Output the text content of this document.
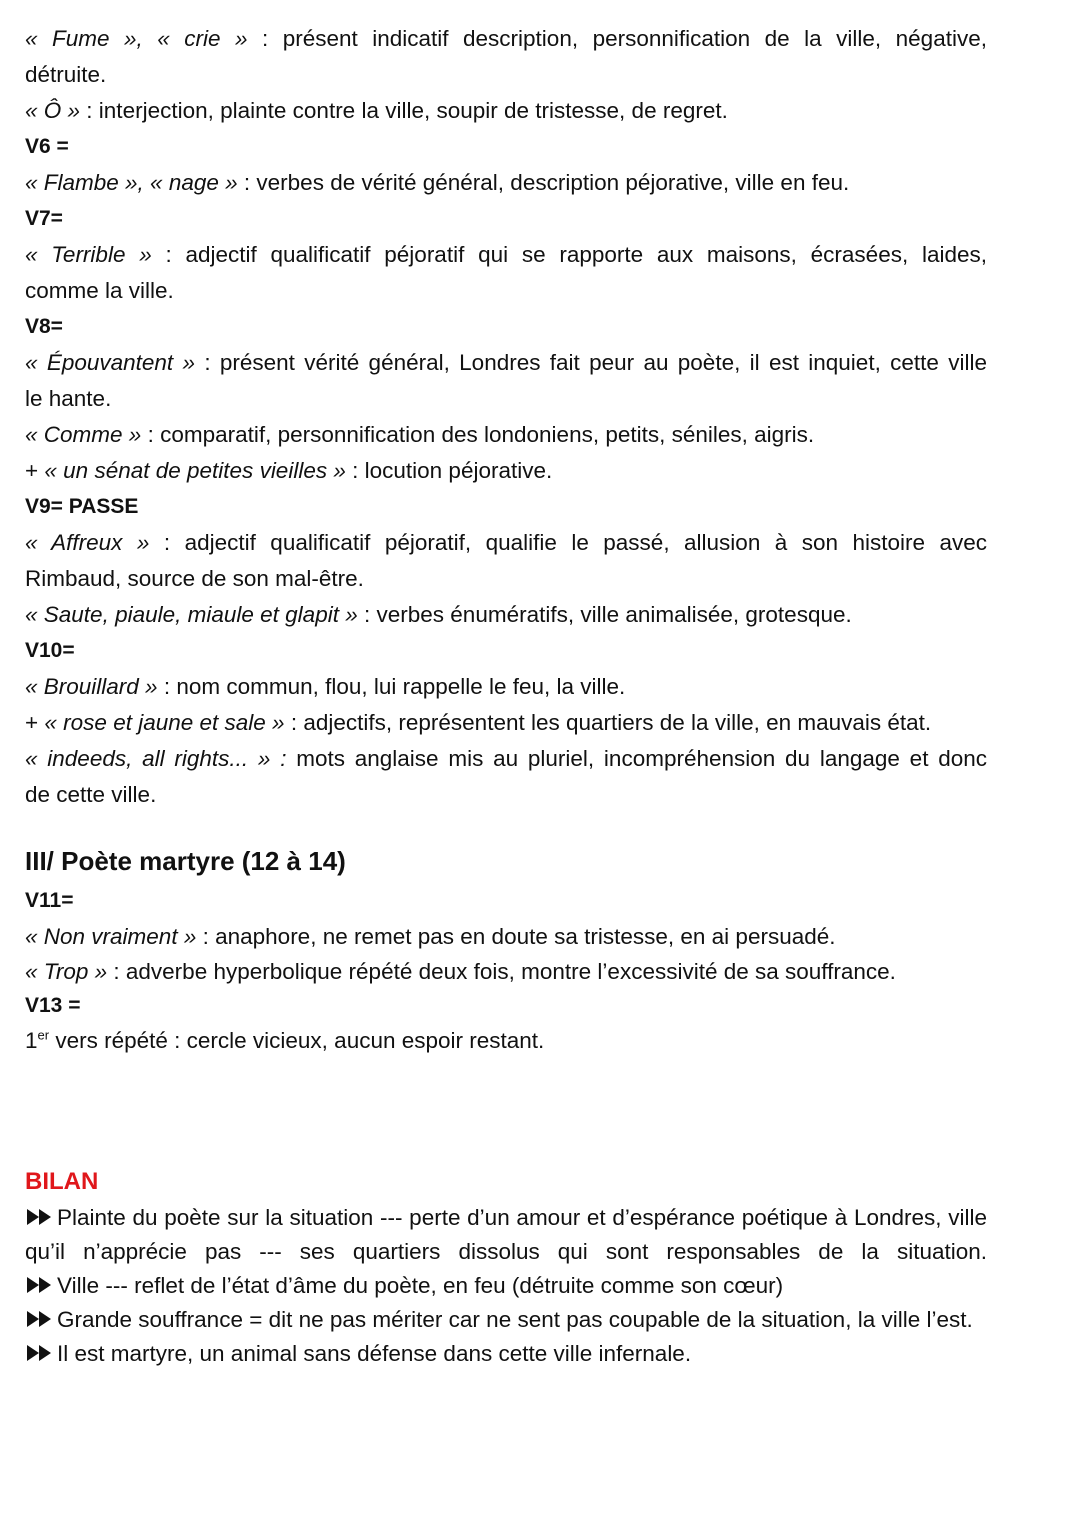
« Fume », « crie » : présent indicatif description, personnification de la ville, négative,

détruite.

« Ô » : interjection, plainte contre la ville, soupir de tristesse, de regret.

V6 =

« Flambe », « nage » : verbes de vérité général, description péjorative, ville en feu.

V7=

« Terrible » : adjectif qualificatif péjoratif qui se rapporte aux maisons, écrasées, laides,

comme la ville.

V8=

« Épouvantent » : présent vérité général, Londres fait peur au poète, il est inquiet, cette ville

le hante.

« Comme » : comparatif, personnification des londoniens, petits, séniles, aigris.

+ « un sénat de petites vieilles » : locution péjorative.

V9= PASSE

« Affreux » : adjectif qualificatif péjoratif, qualifie le passé, allusion à son histoire avec

Rimbaud, source de son mal-être.

« Saute, piaule, miaule et glapit » : verbes énumératifs, ville animalisée, grotesque.

V10=

« Brouillard » : nom commun, flou, lui rappelle le feu, la ville.

+ « rose et jaune et sale » : adjectifs, représentent les quartiers de la ville, en mauvais état.

« indeeds, all rights... » : mots anglaise mis au pluriel, incompréhension du langage et donc

de cette ville.

III/ Poète martyre (12 à 14)

V11=

« Non vraiment » : anaphore, ne remet pas en doute sa tristesse, en ai persuadé.

« Trop » : adverbe hyperbolique répété deux fois, montre l’excessivité de sa souffrance.

V13 =

1er vers répété : cercle vicieux, aucun espoir restant.

BILAN

Plainte du poète sur la situation --- perte d’un amour et d’espérance poétique à Londres, ville qu’il n’apprécie pas --- ses quartiers dissolus qui sont responsables de la situation.

Ville --- reflet de l’état d’âme du poète, en feu (détruite comme son cœur)

Grande souffrance = dit ne pas mériter car ne sent pas coupable de la situation, la ville l’est.

Il est martyre, un animal sans défense dans cette ville infernale.
